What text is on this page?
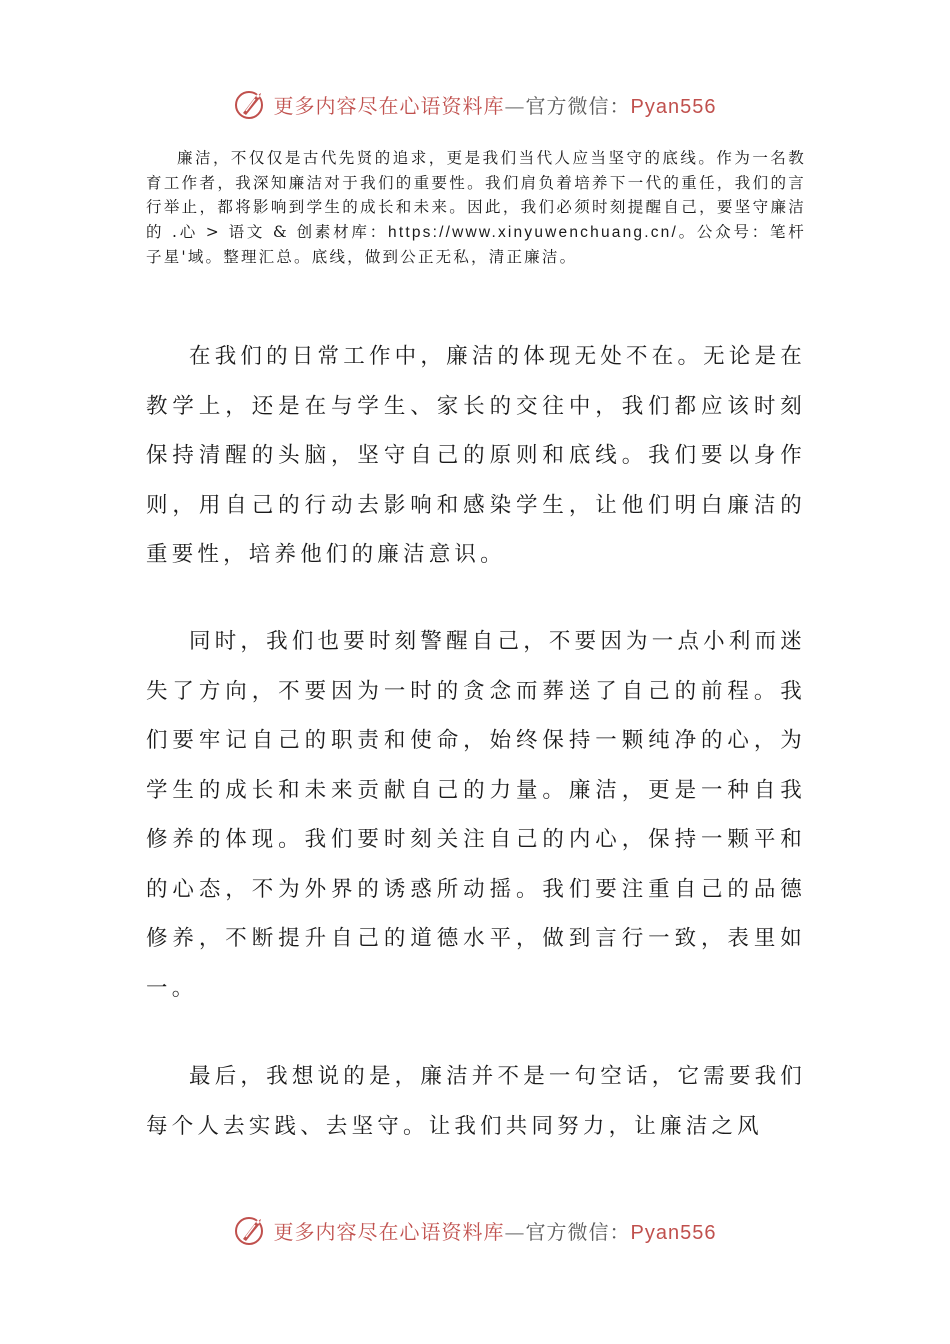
更多内容尽在心语资料库—官方微信：Pyan556

廉洁，不仅仅是古代先贤的追求，更是我们当代人应当坚守的底线。作为一名教育工作者，我深知廉洁对于我们的重要性。我们肩负着培养下一代的重任，我们的言行举止，都将影响到学生的成长和未来。因此，我们必须时刻提醒自己，要坚守廉洁的 .心 > 语文 & 创素材库：https://www.xinyuwenchuang.cn/。公众号：笔杆子星'域。整理汇总。底线，做到公正无私，清正廉洁。

在我们的日常工作中，廉洁的体现无处不在。无论是在教学上，还是在与学生、家长的交往中，我们都应该时刻保持清醒的头脑，坚守自己的原则和底线。我们要以身作则，用自己的行动去影响和感染学生，让他们明白廉洁的重要性，培养他们的廉洁意识。

同时，我们也要时刻警醒自己，不要因为一点小利而迷失了方向，不要因为一时的贪念而葬送了自己的前程。我们要牢记自己的职责和使命，始终保持一颗纯净的心，为学生的成长和未来贡献自己的力量。廉洁，更是一种自我修养的体现。我们要时刻关注自己的内心，保持一颗平和的心态，不为外界的诱惑所动摇。我们要注重自己的品德修养，不断提升自己的道德水平，做到言行一致，表里如一。

最后，我想说的是，廉洁并不是一句空话，它需要我们每个人去实践、去坚守。让我们共同努力，让廉洁之风

更多内容尽在心语资料库—官方微信：Pyan556
